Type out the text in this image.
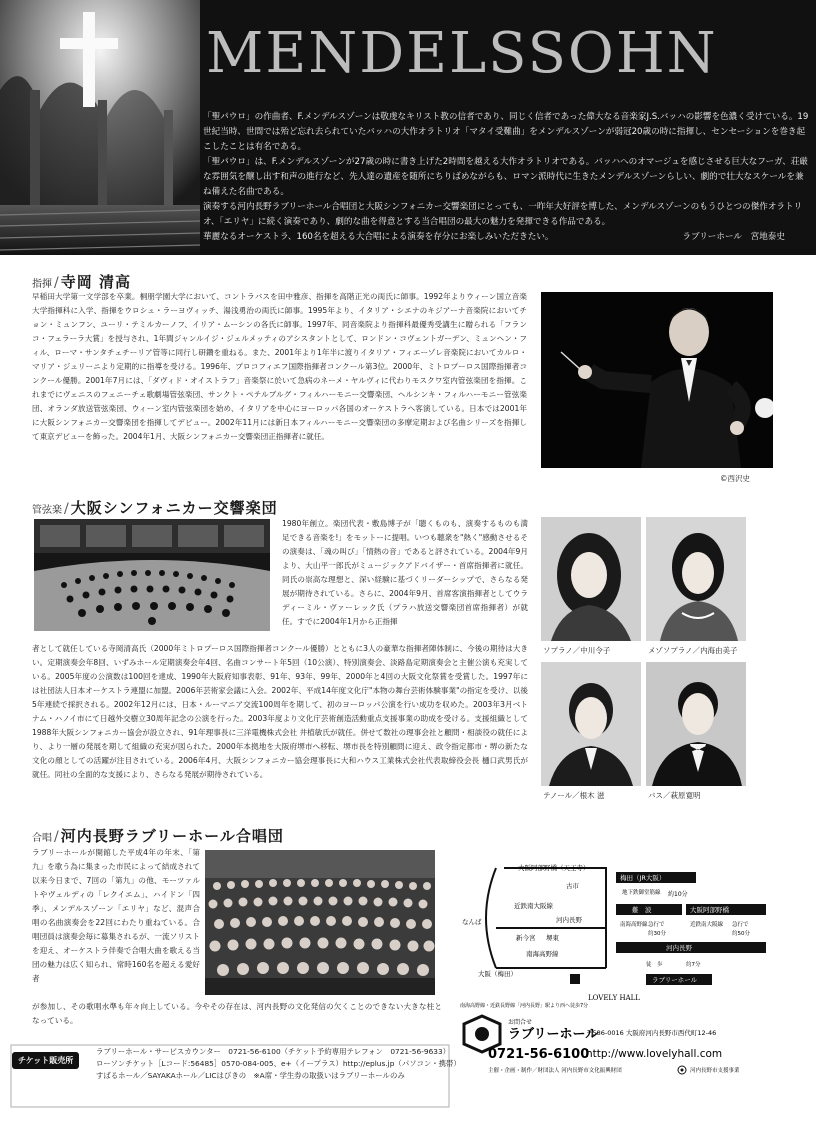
MENDELSSOHN

「聖パウロ」の作曲者、F.メンデルスゾーンは敬虔なキリスト教の信者であり、同じく信者であった偉大なる音楽家J.S.バッハの影響を色濃く受けている。19世紀当時、世間では殆ど忘れ去られていたバッハの大作オラトリオ「マタイ受難曲」をメンデルスゾーンが弱冠20歳の時に指揮し、センセーションを巻き起こしたことは有名である。

「聖パウロ」は、F.メンデルスゾーンが27歳の時に書き上げた2時間を越える大作オラトリオである。バッハへのオマージュを感じさせる巨大なフーガ、荘厳な雰囲気を醸し出す和声の進行など、先人達の遺産を随所にちりばめながらも、ロマン派時代に生きたメンデルスゾーンらしい、劇的で壮大なスケールを兼ね備えた名曲である。

演奏する河内長野ラブリーホール合唱団と大阪シンフォニカー交響楽団にとっても、一昨年大好評を博した、メンデルスゾーンのもうひとつの傑作オラトリオ、「エリヤ」に続く演奏であり、劇的な曲を得意とする当合唱団の最大の魅力を発揮できる作品である。

華麗なるオーケストラ、160名を超える大合唱による演奏を存分にお楽しみいただきたい。	ラブリーホール　宮地泰史

指揮 / 寺岡 清高
早稲田大学第一文学部を卒業。桐朋学園大学において、コントラバスを田中雅彦、指揮を高階正光の両氏に師事。1992年よりウィーン国立音楽大学指揮科に入学、指揮をウロシュ・ラーヨヴィッチ、湯浅勇治の両氏に師事。1995年より、イタリア・シエナのキジアーナ音楽院においてチョン・ミュンフン、ユーリ・テミルカーノフ、イリア・ムーシンの各氏に師事。1997年、同音楽院より指揮科最優秀受講生に贈られる「フランコ・フェラーラ大賞」を授与され、1年間ジャンルイジ・ジェルメッティのアシスタントとして、ロンドン・コヴェントガーデン、ミュンヘン・フィル、ローマ・サンタチェチーリア管等に同行し研鑽を重ねる。また、2001年より1年半に渡りイタリア・フィエーゾレ音楽院においてカルロ・マリア・ジュリーニより定期的に指導を受ける。1996年、プロコフィエフ国際指揮者コンクール第3位。2000年、ミトロプーロス国際指揮者コンクール優勝。2001年7月には、「ダヴィド・オイストラフ」音楽祭に於いて急病のネーメ・ヤルヴィに代わりモスクワ室内管弦楽団を指揮。これまでにヴェニスのフェニーチェ歌劇場管弦楽団、サンクト・ペテルブルグ・フィルハーモニー交響楽団、ヘルシンキ・フィルハーモニー管弦楽団、オランダ放送管弦楽団、ウィーン室内管弦楽団を始め、イタリアを中心にヨーロッパ各国のオーケストラへ客演している。日本では2001年に大阪シンフォニカー交響楽団を指揮してデビュー。2002年11月には新日本フィルハーモニー交響楽団の多摩定期および名曲シリーズを指揮して東京デビューを飾った。2004年1月、大阪シンフォニカー交響楽団正指揮者に就任。
©西沢史
管弦楽 / 大阪シンフォニカー交響楽団
1980年創立。楽団代表・敷島博子が「聴くものも、演奏するものも満足できる音楽を!」をモットーに提唱。いつも聴衆を"熱く"感動させるその演奏は、「魂の叫び」「情熱の音」であると評されている。2004年9月より、大山平一郎氏がミュージックアドバイザー・首席指揮者に就任。同氏の崇高な理想と、深い経験に基づくリーダーシップで、さらなる発展が期待されている。さらに、2004年9月、首席客演指揮者としてウラディーミル・ヴァーレック氏（プラハ放送交響楽団首席指揮者）が就任。すでに2004年1月から正指揮
者として就任している寺岡清高氏（2000年ミトロプーロス国際指揮者コンクール優勝）とともに3人の豪華な指揮者陣体制に、今後の期待は大きい。定期演奏会年8回、いずみホール定期演奏会年4回、名曲コンサート年5回（10公演）、特別演奏会、淡路島定期演奏会と主催公演も充実している。2005年度の公演数は100回を達成、1990年大阪府知事表彰、91年、93年、99年、2000年と4回の大阪文化祭賞を受賞した。1997年には社団法人日本オーケストラ連盟に加盟。2006年芸術家会議に入会。2002年、平成14年度文化庁"本物の舞台芸術体験事業"の指定を受け、以後5年連続で採択される。2002年12月には、日本・ルーマニア交流100周年を期して、初のヨーロッパ公演を行い成功を収めた。2003年3月ベトナム・ハノイ市にて日越外交樹立30周年記念の公演を行った。2003年度より文化庁芸術創造活動重点支援事業の助成を受ける。支援組織として1988年大阪シンフォニカー協会が設立され、91年理事長に三洋電機株式会社 井植敏氏が就任。併せて数社の理事会社と顧問・相談役の就任により、より一層の発展を期して組織の充実が図られた。2000年本拠地を大阪府堺市へ移転、堺市長を特別顧問に迎え、政令指定都市・堺の新たな文化の顔としての活躍が注目されている。2006年4月、大阪シンフォニカー協会理事長に大和ハウス工業株式会社代表取締役会長 樋口武男氏が就任。同社の全面的な支援により、さらなる発展が期待されている。
ソプラノ／中川令子	メゾソプラノ／内海由美子
テノール／根木 滋	バス／萩原寛明
合唱 / 河内長野ラブリーホール合唱団
ラブリーホールが開館した平成4年の年末、「第九」を歌う為に集まった市民によって結成されて以来今日まで、7回の「第九」の他、モーツァルトやヴェルディの「レクイエム」、ハイドン「四季」、メンデルスゾーン「エリヤ」など、混声合唱の名曲演奏会を22回にわたり重ねている。合唱団員は演奏会毎に募集されるが、一流ソリストを迎え、オーケストラ伴奏で合唱大曲を歌える当団の魅力は広く知られ、常時160名を超える愛好者
が参加し、その歌唱水準も年々向上している。今やその存在は、河内長野の文化発信の欠くことのできない大きな柱となっている。
チケット販売所
ラブリーホール・サービスカウンター　0721-56-6100（チケット予約専用テレフォン　0721-56-9633）
ローソンチケット［Lコード:56485］0570-084-005、e+（イープラス）http://eplus.jp（パソコン・携帯）
すばるホール／SAYAKAホール／LICはびきの　※A席・学生券の取扱いはラブリーホールのみ
大阪阿部野橋（天王寺）
古市
近鉄南大阪線
河内長野
新今宮 堺東
南海高野線
なんば
大阪（梅田）
LOVELY HALL
南海高野線・近鉄長野線「河内長野」駅より西へ徒歩7分
梅田（JR大阪）
地下鉄御堂筋線 約10分
難　波	大阪阿部野橋
南海高野線 急行で
約30分
近鉄南大阪線 急行で
約50分
河内長野
徒　歩	約7分
ラブリーホール
お問合せ
ラブリーホール
〒586-0016 大阪府河内長野市西代町12-46
0721-56-6100
http://www.lovelyhall.com
主催・企画・制作／財団法人 河内長野市文化振興財団	河内長野市支援事業
